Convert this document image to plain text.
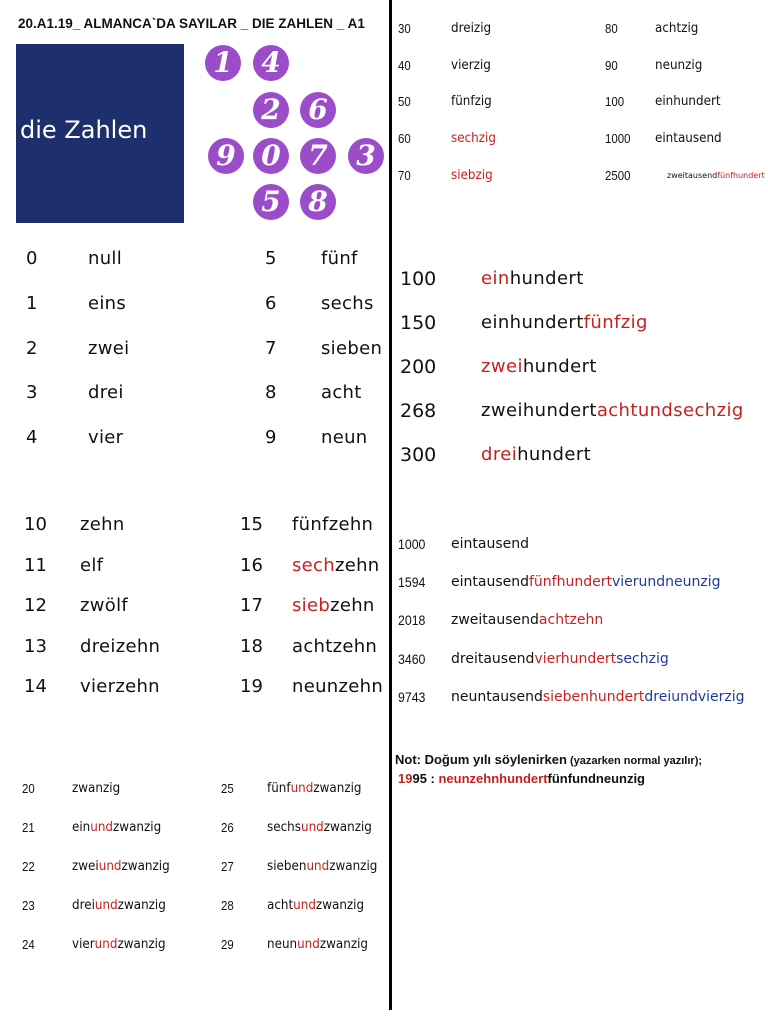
20.A1.19_ ALMANCA`DA SAYILAR _ DIE ZAHLEN _ A1
die Zahlen
1 4
2 6
9 0 7 3
5 8
0	null
1	eins
2	zwei
3	drei
4	vier
5 fünf
6 sechs
7 sieben
8 acht
9 neun
10 zehn
11 elf
12 zwölf
13 dreizehn
14 vierzehn
15 fünfzehn
16 sechzehn
17 siebzehn
18 achtzehn
19 neunzehn
20	zwanzig
21	einundzwanzig
22	zweiundzwanzig
23	dreiundzwanzig
24	vierundzwanzig
25	fünfundzwanzig
26	sechsundzwanzig
27	siebenundzwanzig
28	achtundzwanzig
29	neunundzwanzig
30	dreizig
40	vierzig
50	fünfzig
60	sechzig
70	siebzig
80	achtzig
90	neunzig
100 einhundert
1000 eintausend
2500	zweitausendfünfhundert
100 einhundert
150 einhundertfünfzig
200 zweihundert
268 zweihundertachtundsechzig
300 dreihundert
1000 eintausend
1594 eintausendfünfhundertvierundneunzig
2018 zweitausendachtzehn
3460 dreitausendvierhundertsechzig
9743 neuntausendsiebenhundertdreiundvierzig
Not: Doğum yılı söylenirken (yazarken normal yazılır);
1995 : neunzehnhundertfünfundneunzig
